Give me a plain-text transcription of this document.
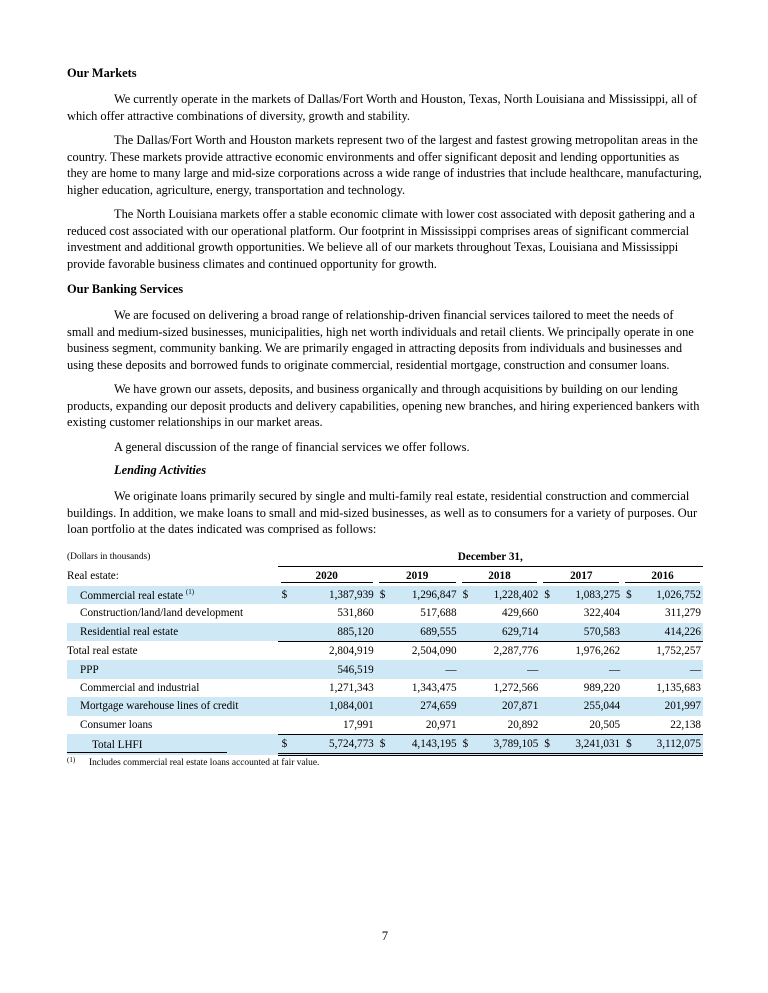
Our Markets

We currently operate in the markets of Dallas/Fort Worth and Houston, Texas, North Louisiana and Mississippi, all of which offer attractive combinations of diversity, growth and stability.

The Dallas/Fort Worth and Houston markets represent two of the largest and fastest growing metropolitan areas in the country. These markets provide attractive economic environments and offer significant deposit and lending opportunities as they are home to many large and mid-size corporations across a wide range of industries that include healthcare, manufacturing, higher education, agriculture, energy, transportation and technology.

The North Louisiana markets offer a stable economic climate with lower cost associated with deposit gathering and a reduced cost associated with our operational platform. Our footprint in Mississippi comprises areas of significant commercial investment and additional growth opportunities. We believe all of our markets throughout Texas, Louisiana and Mississippi provide favorable business climates and continued opportunity for growth.

Our Banking Services

We are focused on delivering a broad range of relationship-driven financial services tailored to meet the needs of small and medium-sized businesses, municipalities, high net worth individuals and retail clients. We principally operate in one business segment, community banking. We are primarily engaged in attracting deposits from individuals and businesses and using these deposits and borrowed funds to originate commercial, residential mortgage, construction and consumer loans.

We have grown our assets, deposits, and business organically and through acquisitions by building on our lending products, expanding our deposit products and delivery capabilities, opening new branches, and hiring experienced bankers with existing customer relationships in our market areas.

A general discussion of the range of financial services we offer follows.

Lending Activities

We originate loans primarily secured by single and multi-family real estate, residential construction and commercial buildings. In addition, we make loans to small and mid-sized businesses, as well as to consumers for a variety of purposes. Our loan portfolio at the dates indicated was comprised as follows:

(Dollars in thousands)	December 31,									
Real estate:	2020		2019		2018		2017		2016	

Commercial real estate $^{(1)}$	$	1,387,939	$	1,296,847	$	1,228,402	$	1,083,275	$	1,026,752
Construction/land/land development		531,860		517,688		429,660		322,404		311,279
Residential real estate		885,120		689,555		629,714		570,583		414,226
Total real estate		2,804,919		2,504,090		2,287,776		1,976,262		1,752,257
PPP		546,519		—		—		—		—
Commercial and industrial		1,271,343		1,343,475		1,272,566		989,220		1,135,683
Mortgage warehouse lines of credit		1,084,001		274,659		207,871		255,044		201,997
Consumer loans		17,991		20,971		20,892		20,505		22,138
Total LHFI	$	5,724,773	$	4,143,195	$	3,789,105	$	3,241,031	$	3,112,075
(1) Includes commercial real estate loans accounted at fair value.
7
